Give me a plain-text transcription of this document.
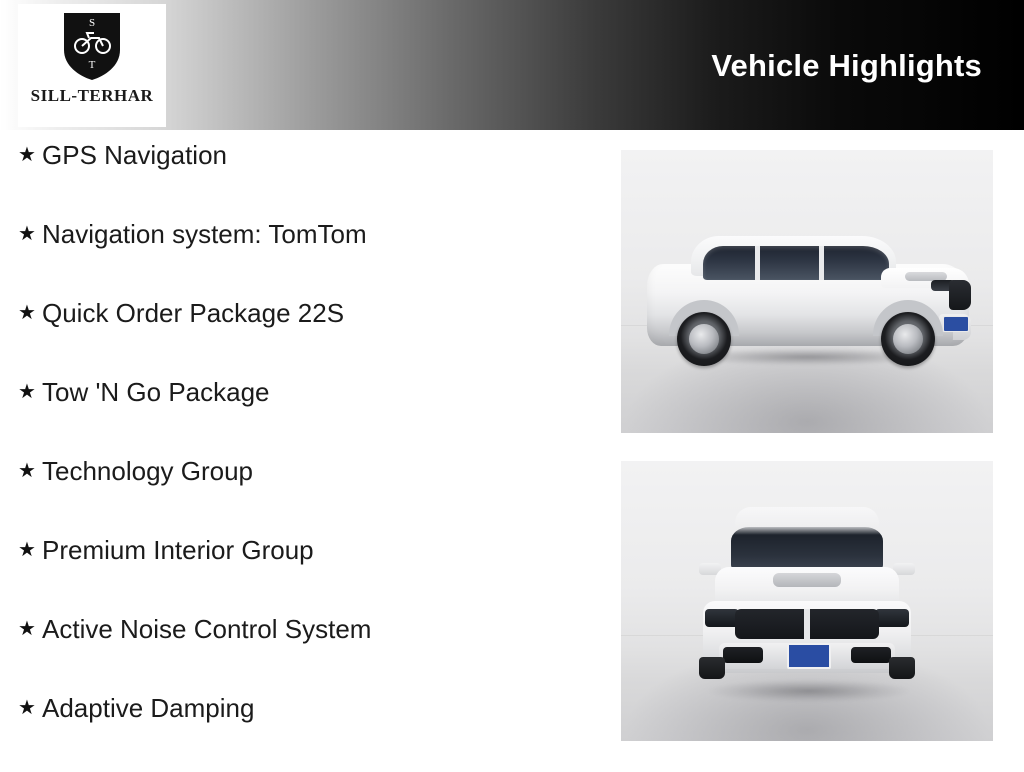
S
T
SILL-TERHAR
Vehicle Highlights
★ GPS Navigation
★ Navigation system: TomTom
★ Quick Order Package 22S
★ Tow 'N Go Package
★ Technology Group
★ Premium Interior Group
★ Active Noise Control System
★ Adaptive Damping
